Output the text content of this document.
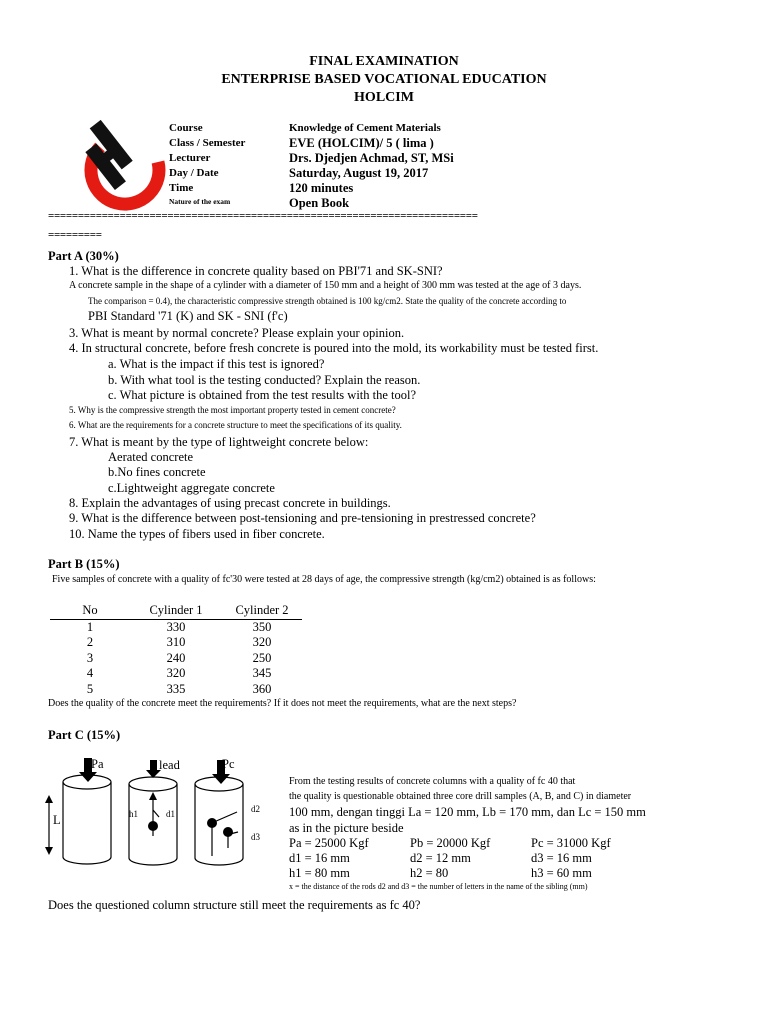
FINAL EXAMINATION
ENTERPRISE BASED VOCATIONAL EDUCATION
HOLCIM
Course	Knowledge of Cement Materials
Class / Semester	EVE (HOLCIM)/ 5 ( lima )
Lecturer	Drs. Djedjen Achmad, ST, MSi
Day / Date	Saturday, August 19, 2017
Time	120 minutes
Nature of the exam	Open Book
========================================================================
=========
Part A (30%)
1. What is the difference in concrete quality based on PBI'71 and SK-SNI?
A concrete sample in the shape of a cylinder with a diameter of 150 mm and a height of 300 mm was tested at the age of 3 days.
The comparison = 0.4), the characteristic compressive strength obtained is 100 kg/cm2. State the quality of the concrete according to
PBI Standard '71 (K) and SK - SNI (f'c)
3. What is meant by normal concrete? Please explain your opinion.
4. In structural concrete, before fresh concrete is poured into the mold, its workability must be tested first.
a. What is the impact if this test is ignored?
b. With what tool is the testing conducted? Explain the reason.
c. What picture is obtained from the test results with the tool?
5. Why is the compressive strength the most important property tested in cement concrete?
6. What are the requirements for a concrete structure to meet the specifications of its quality.
7. What is meant by the type of lightweight concrete below:
Aerated concrete
b.No fines concrete
c.Lightweight aggregate concrete
8. Explain the advantages of using precast concrete in buildings.
9. What is the difference between post-tensioning and pre-tensioning in prestressed concrete?
10. Name the types of fibers used in fiber concrete.
Part B (15%)
Five samples of concrete with a quality of fc'30 were tested at 28 days of age, the compressive strength (kg/cm2) obtained is as follows:
No	Cylinder 1	Cylinder 2
1	330	350
2	310	320
3	240	250
4	320	345
5	335	360
Does the quality of the concrete meet the requirements? If it does not meet the requirements, what are the next steps?
Part C (15%)
Pa	lead	Pc
L	h1	d1	d2
d3
From the testing results of concrete columns with a quality of fc 40 that
the quality is questionable obtained three core drill samples (A, B, and C) in diameter
100 mm, dengan tinggi La = 120 mm, Lb = 170 mm, dan Lc = 150 mm
as in the picture beside
Pa = 25000 Kgf	Pb = 20000 Kgf	Pc = 31000 Kgf
d1 = 16 mm	d2 = 12 mm	d3 = 16 mm
h1 = 80 mm	h2 = 80	h3 = 60 mm
x = the distance of the rods d2 and d3 = the number of letters in the name of the sibling (mm)
Does the questioned column structure still meet the requirements as fc 40?
